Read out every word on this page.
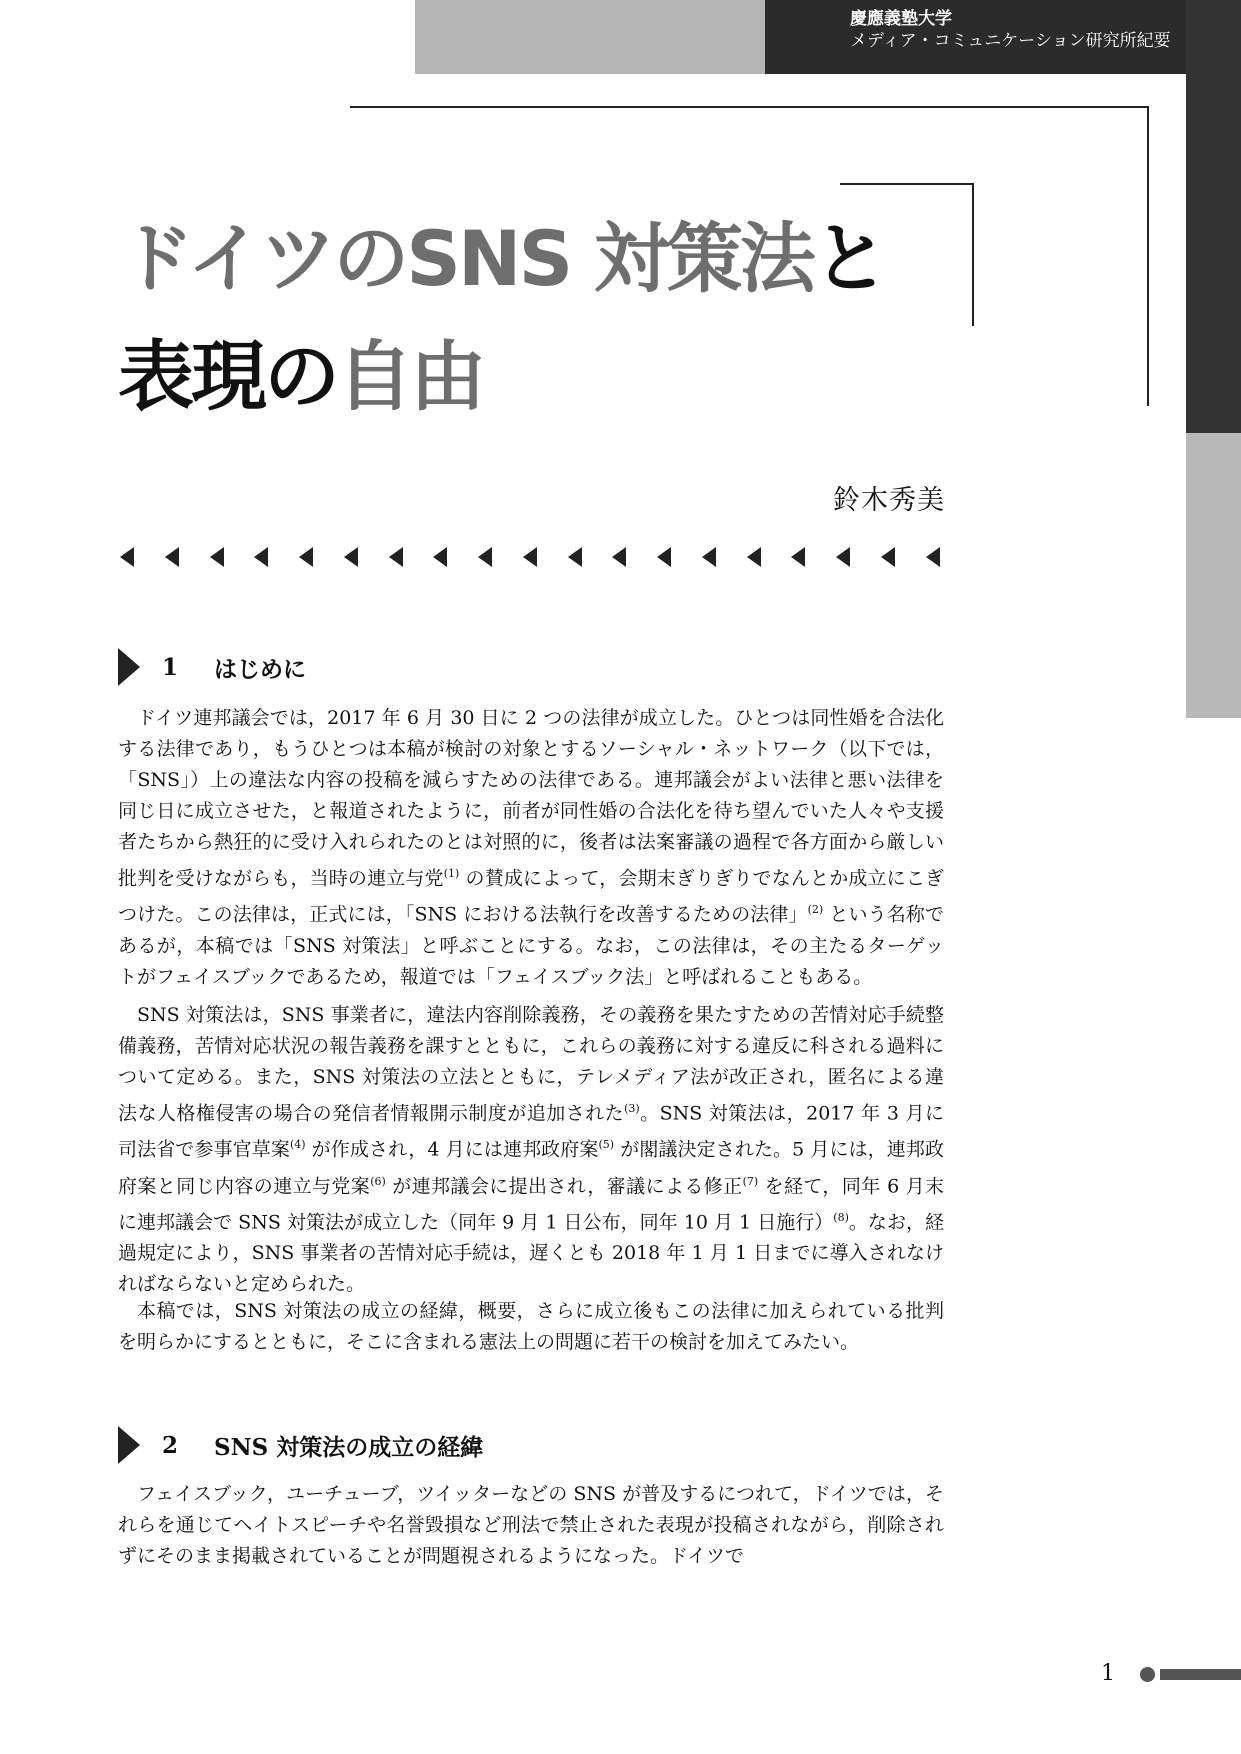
慶應義塾大学
メディア・コミュニケーション研究所紀要
ドイツのSNS 対策法と
表現の自由
鈴木秀美
1 はじめに
ドイツ連邦議会では，2017 年 6 月 30 日に 2 つの法律が成立した。ひとつは同性婚を合法化する法律であり，もうひとつは本稿が検討の対象とするソーシャル・ネットワーク（以下では，「SNS」）上の違法な内容の投稿を減らすための法律である。連邦議会がよい法律と悪い法律を同じ日に成立させた，と報道されたように，前者が同性婚の合法化を待ち望んでいた人々や支援者たちから熱狂的に受け入れられたのとは対照的に，後者は法案審議の過程で各方面から厳しい批判を受けながらも，当時の連立与党$^{(1)}$ の賛成によって，会期末ぎりぎりでなんとか成立にこぎつけた。この法律は，正式には，「SNS における法執行を改善するための法律」$^{(2)}$ という名称であるが，本稿では「SNS 対策法」と呼ぶことにする。なお，この法律は，その主たるターゲットがフェイスブックであるため，報道では「フェイスブック法」と呼ばれることもある。
SNS 対策法は，SNS 事業者に，違法内容削除義務，その義務を果たすための苦情対応手続整備義務，苦情対応状況の報告義務を課すとともに，これらの義務に対する違反に科される過料について定める。また，SNS 対策法の立法とともに，テレメディア法が改正され，匿名による違法な人格権侵害の場合の発信者情報開示制度が追加された$^{(3)}$。SNS 対策法は，2017 年 3 月に司法省で参事官草案$^{(4)}$ が作成され，4 月には連邦政府案$^{(5)}$ が閣議決定された。5 月には，連邦政府案と同じ内容の連立与党案$^{(6)}$ が連邦議会に提出され，審議による修正$^{(7)}$ を経て，同年 6 月末に連邦議会で SNS 対策法が成立した（同年 9 月 1 日公布，同年 10 月 1 日施行）$^{(8)}$。なお，経過規定により，SNS 事業者の苦情対応手続は，遅くとも 2018 年 1 月 1 日までに導入されなければならないと定められた。
本稿では，SNS 対策法の成立の経緯，概要，さらに成立後もこの法律に加えられている批判を明らかにするとともに，そこに含まれる憲法上の問題に若干の検討を加えてみたい。
2 SNS 対策法の成立の経緯
フェイスブック，ユーチューブ，ツイッターなどの SNS が普及するにつれて，ドイツでは，それらを通じてヘイトスピーチや名誉毀損など刑法で禁止された表現が投稿されながら，削除されずにそのまま掲載されていることが問題視されるようになった。ドイツで
1
